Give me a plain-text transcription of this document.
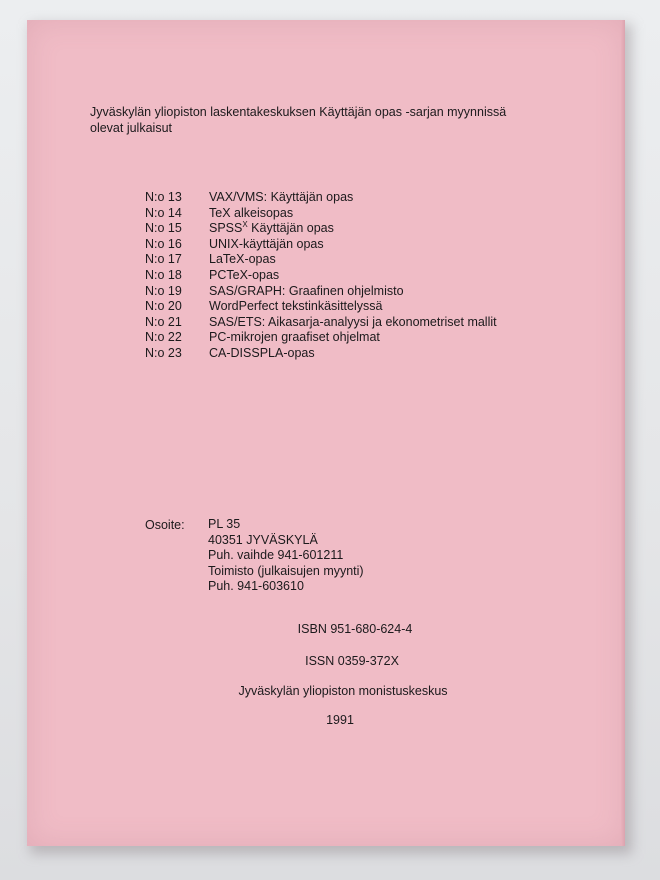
Jyväskylän yliopiston laskentakeskuksen Käyttäjän opas -sarjan myynnissä
olevat julkaisut
N:o 13	VAX/VMS: Käyttäjän opas
N:o 14	TeX alkeisopas
N:o 15	$SPSS^X$ Käyttäjän opas
N:o 16	UNIX-käyttäjän opas
N:o 17	LaTeX-opas
N:o 18	PCTeX-opas
N:o 19	SAS/GRAPH: Graafinen ohjelmisto
N:o 20	WordPerfect tekstinkäsittelyssä
N:o 21	SAS/ETS: Aikasarja-analyysi ja ekonometriset mallit
N:o 22	PC-mikrojen graafiset ohjelmat
N:o 23	CA-DISSPLA-opas
Osoite:	PL 35
40351 JYVÄSKYLÄ
Puh. vaihde 941-601211
Toimisto (julkaisujen myynti)
Puh. 941-603610
ISBN 951-680-624-4
ISSN 0359-372X
Jyväskylän yliopiston monistuskeskus
1991
